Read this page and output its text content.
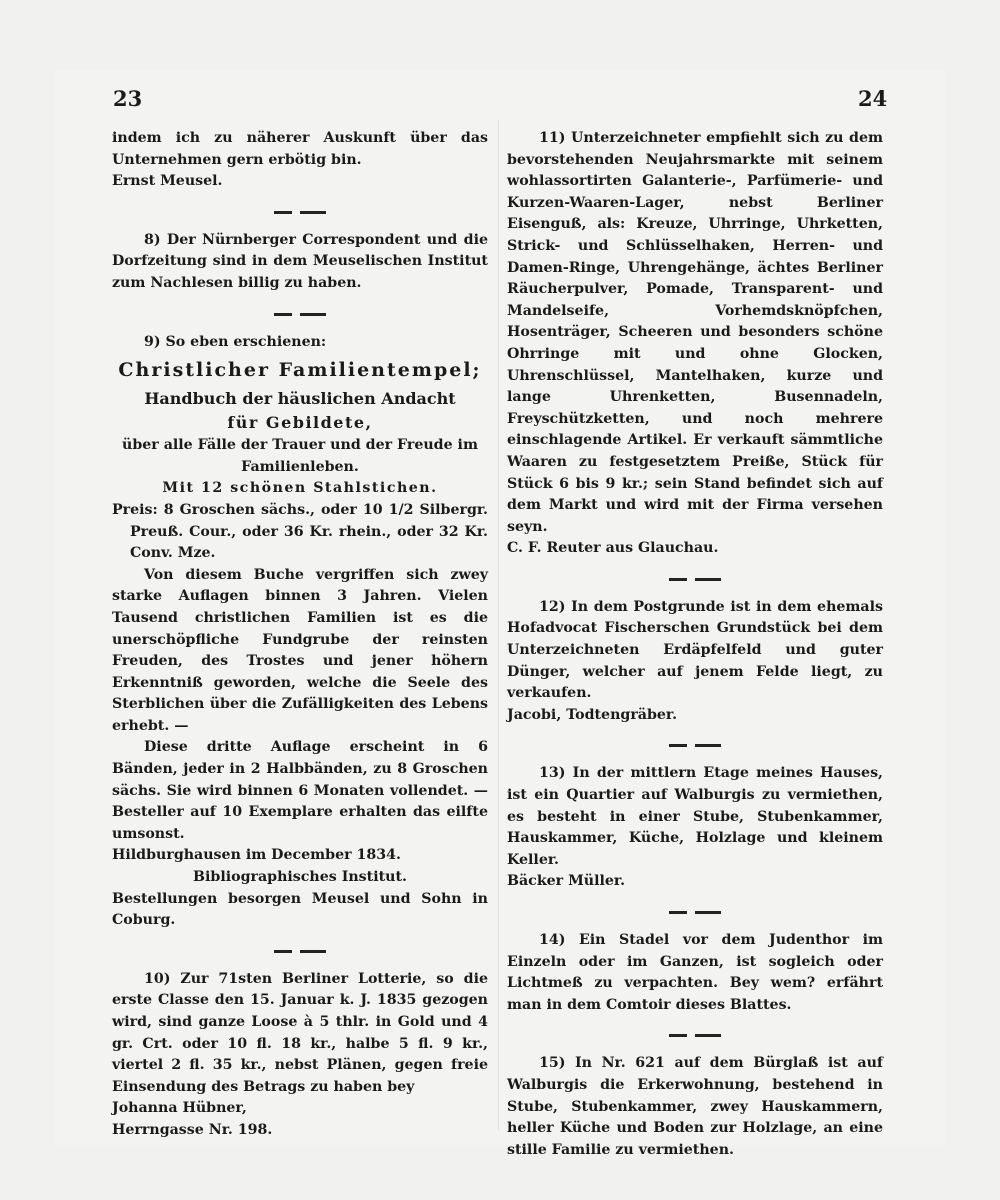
23	24

indem ich zu näherer Auskunft über das Unternehmen gern erbötig bin.

Ernst Meusel.

8) Der Nürnberger Correspondent und die Dorfzeitung sind in dem Meuselischen Institut zum Nachlesen billig zu haben.

9) So eben erschienen:

Christlicher Familientempel;

Handbuch der häuslichen Andacht

für Gebildete,

über alle Fälle der Trauer und der Freude im Familienleben.

Mit 12 schönen Stahlstichen.

Preis: 8 Groschen sächs., oder 10 1/2 Silbergr. Preuß. Cour., oder 36 Kr. rhein., oder 32 Kr. Conv. Mze.

Von diesem Buche vergriffen sich zwey starke Auflagen binnen 3 Jahren. Vielen Tausend christlichen Familien ist es die unerschöpfliche Fundgrube der reinsten Freuden, des Trostes und jener höhern Erkenntniß geworden, welche die Seele des Sterblichen über die Zufälligkeiten des Lebens erhebt. —

Diese dritte Auflage erscheint in 6 Bänden, jeder in 2 Halbbänden, zu 8 Groschen sächs. Sie wird binnen 6 Monaten vollendet. — Besteller auf 10 Exemplare erhalten das eilfte umsonst.

Hildburghausen im December 1834.

Bibliographisches Institut.

Bestellungen besorgen Meusel und Sohn in Coburg.

10) Zur 71sten Berliner Lotterie, so die erste Classe den 15. Januar k. J. 1835 gezogen wird, sind ganze Loose à 5 thlr. in Gold und 4 gr. Crt. oder 10 fl. 18 kr., halbe 5 fl. 9 kr., viertel 2 fl. 35 kr., nebst Plänen, gegen freie Einsendung des Betrags zu haben bey

Johanna Hübner,

Herrngasse Nr. 198.

11) Unterzeichneter empfiehlt sich zu dem bevorstehenden Neujahrsmarkte mit seinem wohlassortirten Galanterie-, Parfümerie- und Kurzen-Waaren-Lager, nebst Berliner Eisenguß, als: Kreuze, Uhrringe, Uhrketten, Strick- und Schlüsselhaken, Herren- und Damen-Ringe, Uhrengehänge, ächtes Berliner Räucherpulver, Pomade, Transparent- und Mandelseife, Vorhemdsknöpfchen, Hosenträger, Scheeren und besonders schöne Ohrringe mit und ohne Glocken, Uhrenschlüssel, Mantelhaken, kurze und lange Uhrenketten, Busennadeln, Freyschützketten, und noch mehrere einschlagende Artikel. Er verkauft sämmtliche Waaren zu festgesetztem Preiße, Stück für Stück 6 bis 9 kr.; sein Stand befindet sich auf dem Markt und wird mit der Firma versehen seyn.

C. F. Reuter aus Glauchau.

12) In dem Postgrunde ist in dem ehemals Hofadvocat Fischerschen Grundstück bei dem Unterzeichneten Erdäpfelfeld und guter Dünger, welcher auf jenem Felde liegt, zu verkaufen.

Jacobi, Todtengräber.

13) In der mittlern Etage meines Hauses, ist ein Quartier auf Walburgis zu vermiethen, es besteht in einer Stube, Stubenkammer, Hauskammer, Küche, Holzlage und kleinem Keller.

Bäcker Müller.

14) Ein Stadel vor dem Judenthor im Einzeln oder im Ganzen, ist sogleich oder Lichtmeß zu verpachten. Bey wem? erfährt man in dem Comtoir dieses Blattes.

15) In Nr. 621 auf dem Bürglaß ist auf Walburgis die Erkerwohnung, bestehend in Stube, Stubenkammer, zwey Hauskammern, heller Küche und Boden zur Holzlage, an eine stille Familie zu vermiethen.
